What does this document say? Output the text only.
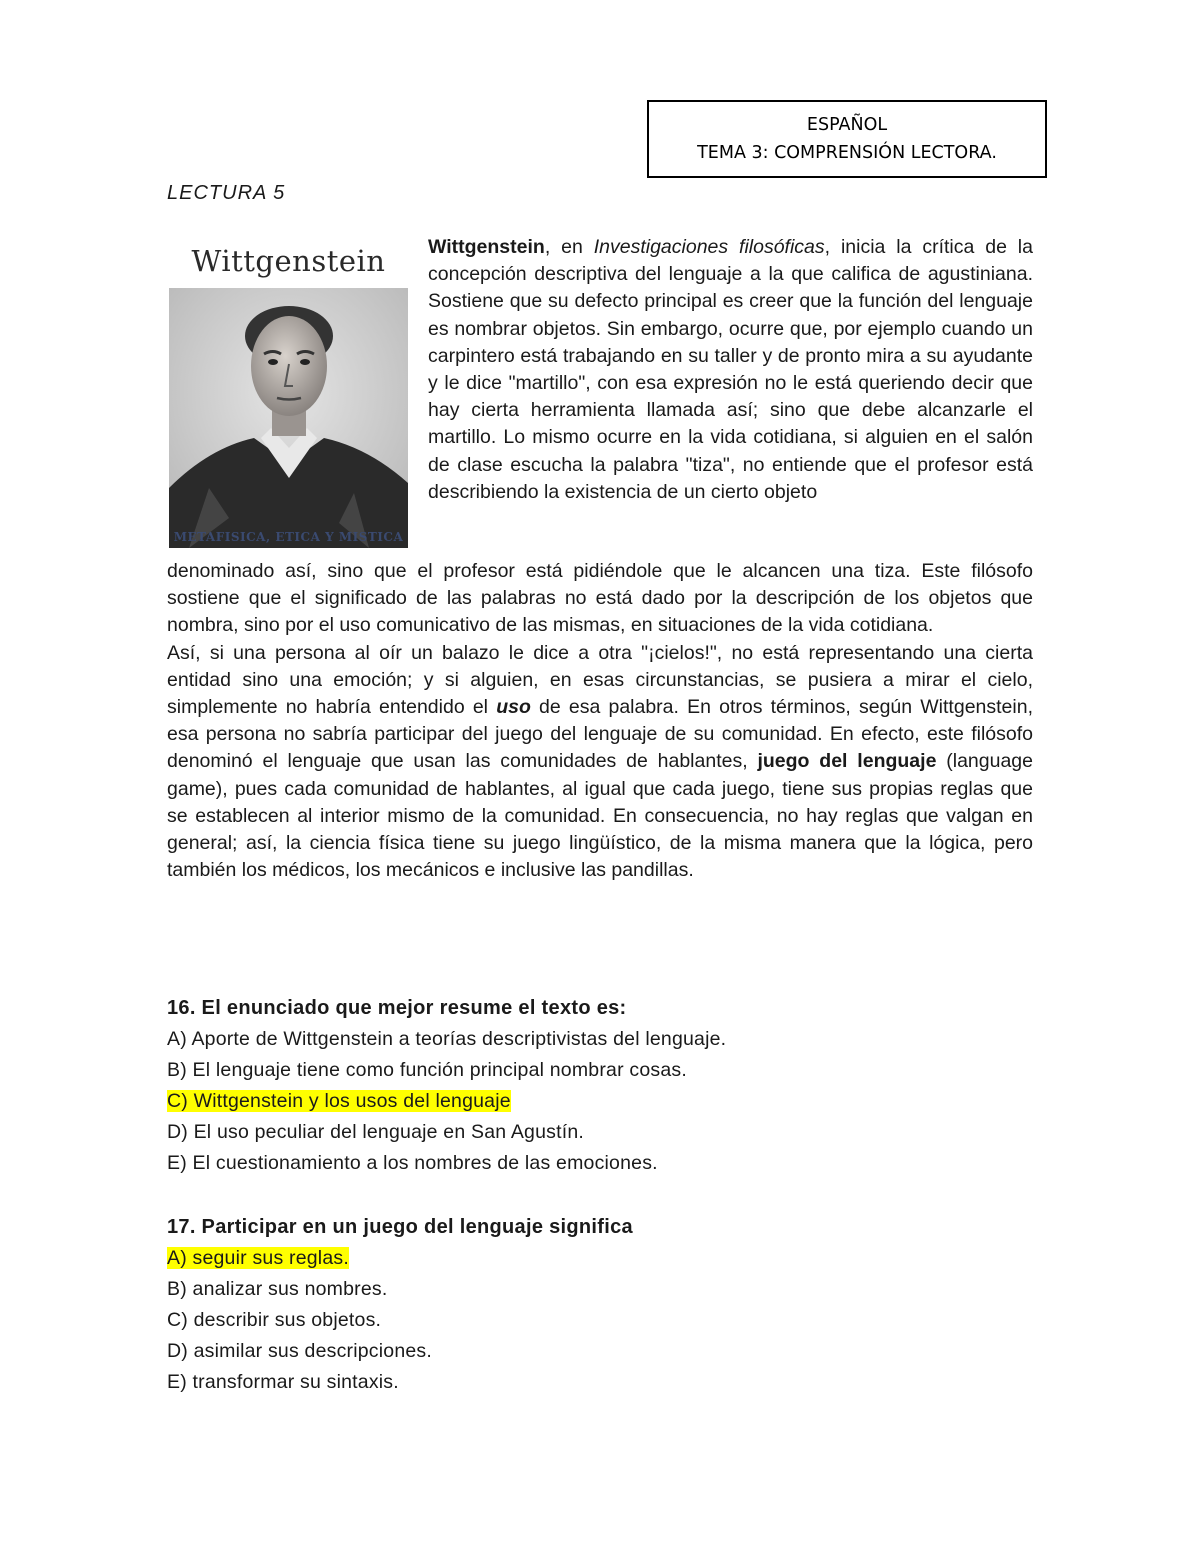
ESPAÑOL
TEMA 3: COMPRENSIÓN LECTORA.
LECTURA 5
Wittgenstein
METAFISICA, ETICA Y MISTICA
Wittgenstein, en Investigaciones filosóficas, inicia la crítica de la concepción descriptiva del lenguaje a la que califica de agustiniana. Sostiene que su defecto principal es creer que la función del lenguaje es nombrar objetos. Sin embargo, ocurre que, por ejemplo cuando un carpintero está trabajando en su taller y de pronto mira a su ayudante y le dice "martillo", con esa expresión no le está queriendo decir que hay cierta herramienta llamada así; sino que debe alcanzarle el martillo. Lo mismo ocurre en la vida cotidiana, si alguien en el salón de clase escucha la palabra "tiza", no entiende que el profesor está describiendo la existencia de un cierto objeto

denominado así, sino que el profesor está pidiéndole que le alcancen una tiza. Este filósofo sostiene que el significado de las palabras no está dado por la descripción de los objetos que nombra, sino por el uso comunicativo de las mismas, en situaciones de la vida cotidiana.

Así, si una persona al oír un balazo le dice a otra "¡cielos!", no está representando una cierta entidad sino una emoción; y si alguien, en esas circunstancias, se pusiera a mirar el cielo, simplemente no habría entendido el uso de esa palabra. En otros términos, según Wittgenstein, esa persona no sabría participar del juego del lenguaje de su comunidad. En efecto, este filósofo denominó el lenguaje que usan las comunidades de hablantes, juego del lenguaje (language game), pues cada comunidad de hablantes, al igual que cada juego, tiene sus propias reglas que se establecen al interior mismo de la comunidad. En consecuencia, no hay reglas que valgan en general; así, la ciencia física tiene su juego lingüístico, de la misma manera que la lógica, pero también los médicos, los mecánicos e inclusive las pandillas.

16. El enunciado que mejor resume el texto es:
A) Aporte de Wittgenstein a teorías descriptivistas del lenguaje.
B) El lenguaje tiene como función principal nombrar cosas.
C) Wittgenstein y los usos del lenguaje
D) El uso peculiar del lenguaje en San Agustín.
E) El cuestionamiento a los nombres de las emociones.
17. Participar en un juego del lenguaje significa
A) seguir sus reglas.
B) analizar sus nombres.
C) describir sus objetos.
D) asimilar sus descripciones.
E) transformar su sintaxis.
